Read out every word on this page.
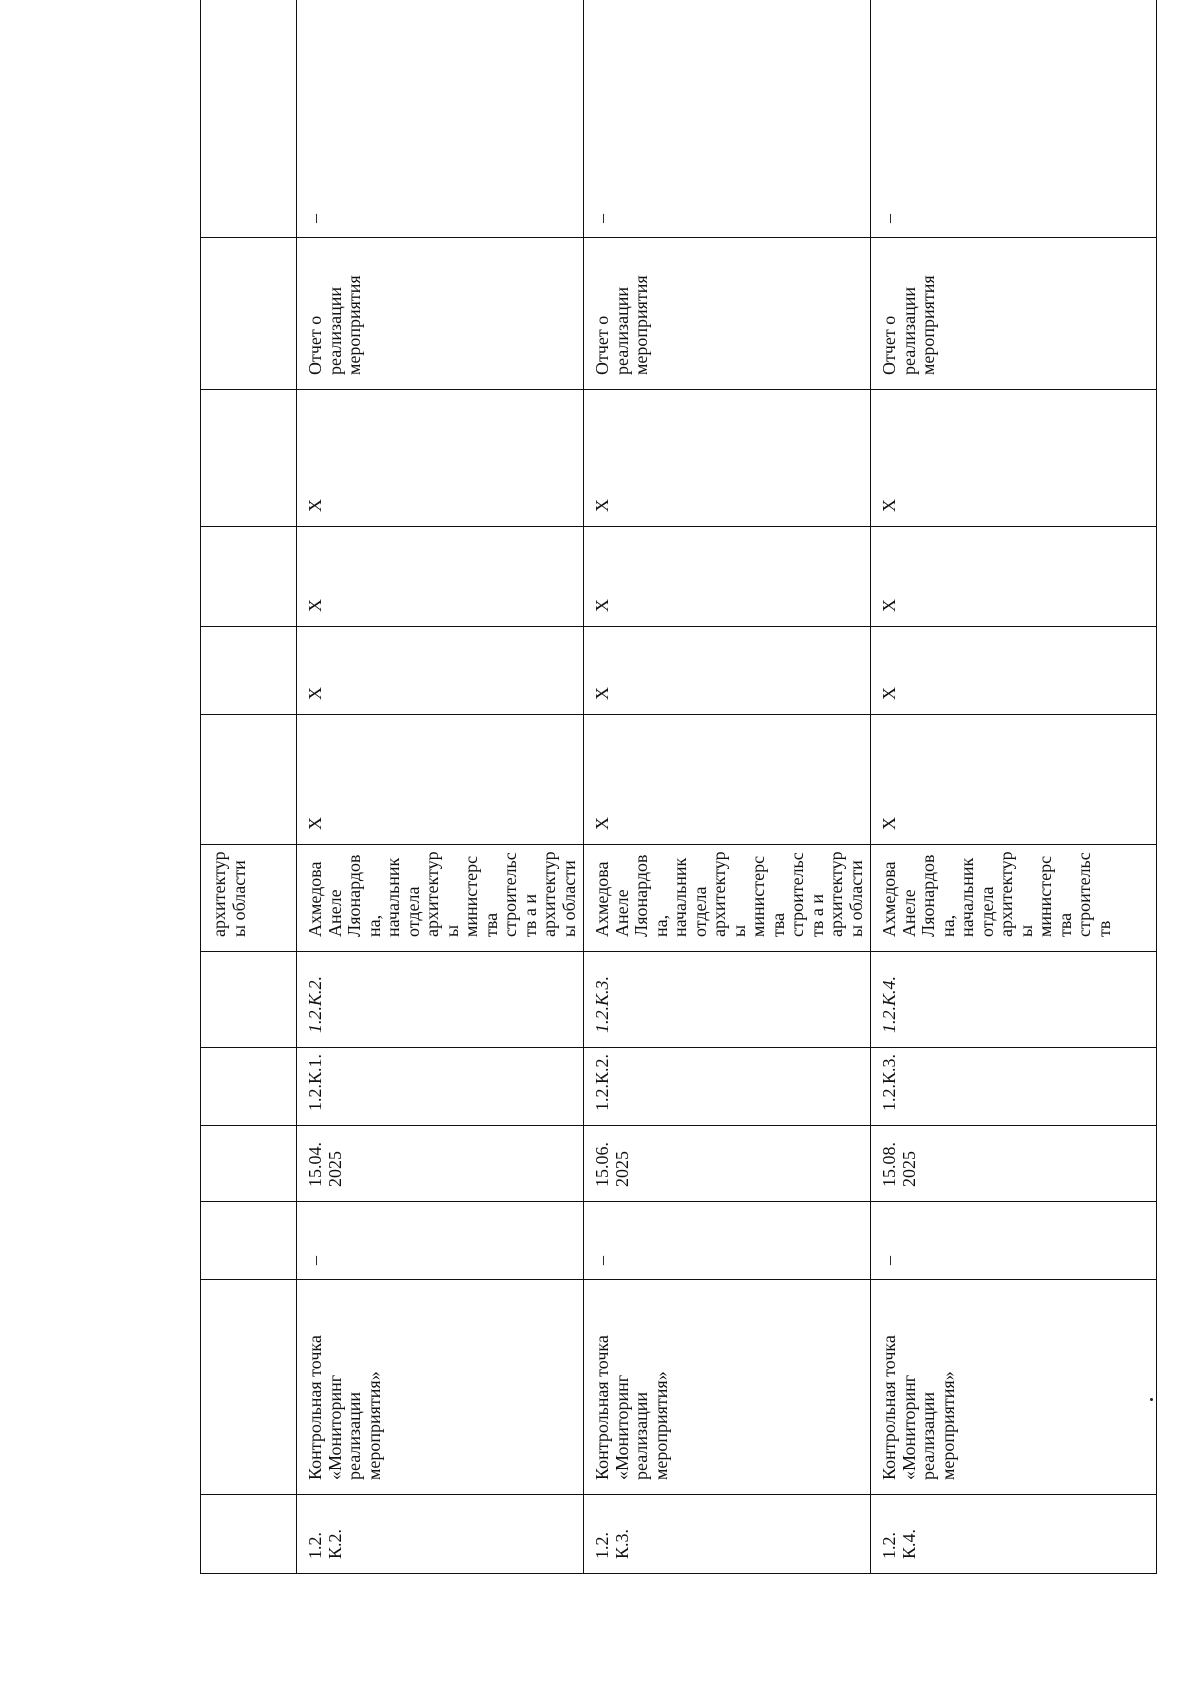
						архитектуры области						
1.2. К.2.	Контрольная точка «Мониторинг реализации мероприятия»	–	15.04. 2025	1.2.К.1.	1.2.К.2.	Ахмедова Анеле Ляонардовна, начальник отдела архитектуры министерства строительств а и архитектуры области	Х	Х	Х	Х	Отчет о реализации мероприятия	–
1.2. К.3.	Контрольная точка «Мониторинг реализации мероприятия»	–	15.06. 2025	1.2.К.2.	1.2.К.3.	Ахмедова Анеле Ляонардовна, начальник отдела архитектуры министерства строительств а и архитектуры области	Х	Х	Х	Х	Отчет о реализации мероприятия	–
1.2. К.4.	Контрольная точка «Мониторинг реализации мероприятия»	–	15.08. 2025	1.2.К.3.	1.2.К.4.	Ахмедова Анеле Ляонардовна, начальник отдела архитектуры министерства строительств	Х	Х	Х	Х	Отчет о реализации мероприятия	–
